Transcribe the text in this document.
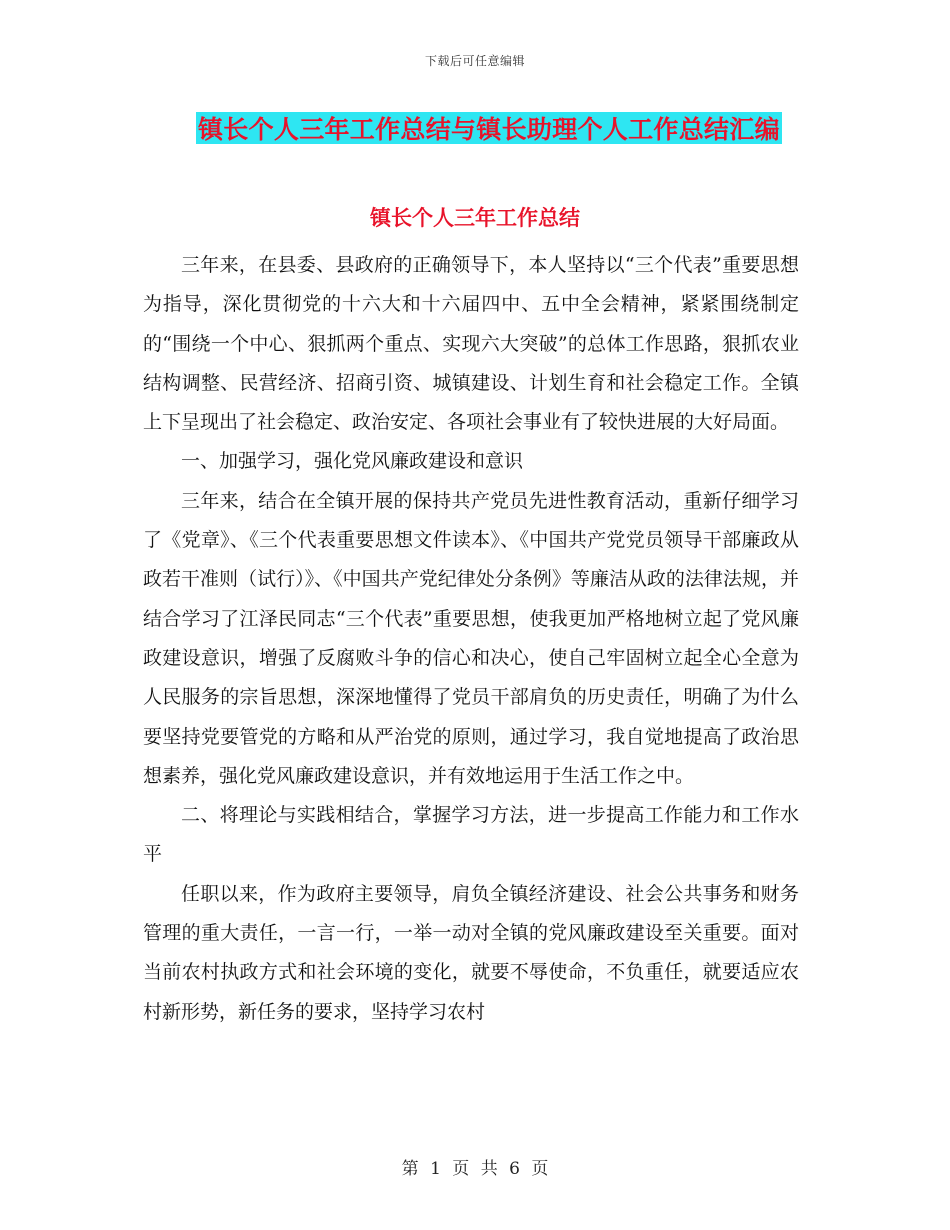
下载后可任意编辑
镇长个人三年工作总结与镇长助理个人工作总结汇编
镇长个人三年工作总结

三年来，在县委、县政府的正确领导下，本人坚持以“三个代表”重要思想为指导，深化贯彻党的十六大和十六届四中、五中全会精神，紧紧围绕制定的“围绕一个中心、狠抓两个重点、实现六大突破”的总体工作思路，狠抓农业结构调整、民营经济、招商引资、城镇建设、计划生育和社会稳定工作。全镇上下呈现出了社会稳定、政治安定、各项社会事业有了较快进展的大好局面。

一、加强学习，强化党风廉政建设和意识

三年来，结合在全镇开展的保持共产党员先进性教育活动，重新仔细学习了《党章》、《三个代表重要思想文件读本》、《中国共产党党员领导干部廉政从政若干准则（试行）》、《中国共产党纪律处分条例》等廉洁从政的法律法规，并结合学习了江泽民同志“三个代表”重要思想，使我更加严格地树立起了党风廉政建设意识，增强了反腐败斗争的信心和决心，使自己牢固树立起全心全意为人民服务的宗旨思想，深深地懂得了党员干部肩负的历史责任，明确了为什么要坚持党要管党的方略和从严治党的原则，通过学习，我自觉地提高了政治思想素养，强化党风廉政建设意识，并有效地运用于生活工作之中。

二、将理论与实践相结合，掌握学习方法，进一步提高工作能力和工作水平

任职以来，作为政府主要领导，肩负全镇经济建设、社会公共事务和财务管理的重大责任，一言一行，一举一动对全镇的党风廉政建设至关重要。面对当前农村执政方式和社会环境的变化，就要不辱使命，不负重任，就要适应农村新形势，新任务的要求，坚持学习农村

第 1 页 共 6 页
